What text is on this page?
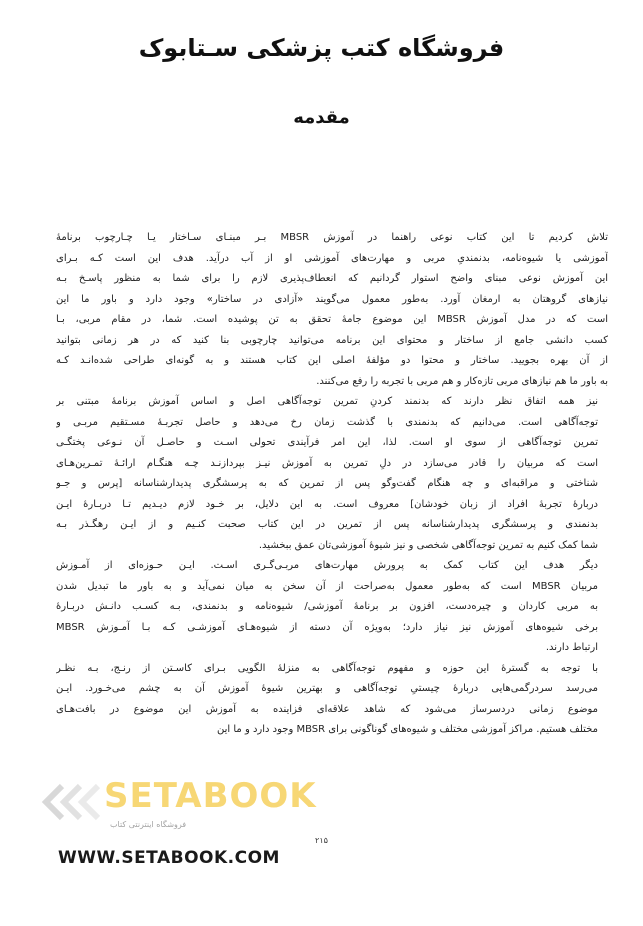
فروشگاه کتب پزشکی سـتابوک
مقدمه
تلاش کردیم تا این کتاب نوعی راهنما در آموزش MBSR بـر مبنـای سـاختار یـا چـارچوب برنامهٔ
آموزشی یا شیوه‌نامه، بدنمندیِ مربی و مهارت‌های آموزشی او از آب درآید. هدف این است کـه بـرای
این آموزش نوعی مبنای واضح استوار گردانیم که انعطاف‌پذیری لازم را برای شما به منظور پاسـخ بـه
نیازهای گروهتان به ارمغان آورد. به‌طور معمول می‌گویند «آزادی در ساختار» وجود دارد و باور ما این
است که در مدل آموزش MBSR این موضوع جامهٔ تحقق به تن پوشیده است. شما، در مقام مربی، بـا
کسب دانشی جامع از ساختار و محتوای این برنامه می‌توانید چارچوبی بنا کنید که در هر زمانی بتوانید
از آن بهره بجویید. ساختار و محتوا دو مؤلفهٔ اصلی این کتاب هستند و به گونه‌ای طراحی شده‌انـد کـه
به باور ما هم نیازهای مربی تازه‌کار و هم مربی با تجربه را رفع می‌کنند.
نیز همه اتفاق نظر دارند که بدنمند کردنِ تمرین توجه‌آگاهی اصل و اساس آموزش برنامهٔ مبتنی بر
توجه‌آگاهی است. می‌دانیم که بدنمندی با گذشت زمان رخ می‌دهد و حاصل تجربـهٔ مسـتقیم مربـی و
تمرین توجه‌آگاهی از سوی او است. لذا، این امر فرآیندی تحولی اسـت و حاصـل آن نـوعی پختگـی
است که مربیان را قادر می‌سازد در دلِ تمرین به آموزش نیـز بپردازنـد چـه هنگـام ارائـهٔ تمـرین‌هـای
شناختی و مراقبه‌ای و چه هنگام گفت‌وگو پس از تمرین که به پرسشگری پدیدارشناسانه [پرس و جـو
دربارهٔ تجربهٔ افراد از زبان خودشان] معروف است. به این دلایل، بر خـود لازم دیـدیم تـا دربـارهٔ ایـن
بدنمندی و پرسشگری پدیدارشناسانه پس از تمرین در این کتاب صحبت کنـیم و از ایـن رهگـذر بـه
شما کمک کنیم به تمرین توجه‌آگاهی شخصی و نیز شیوهٔ آموزشی‌تان عمق ببخشید.
دیگر هدف این کتاب کمک به پرورش مهارت‌های مربـی‌گـری اسـت. ایـن حـوزه‌ای از آمـوزش
مربیان MBSR است که به‌طور معمول به‌صراحت از آن سخن به میان نمی‌آید و به باور ما تبدیل شدن
به مربی کاردان و چیره‌دست، افزون بر برنامهٔ آموزشی/ شیوه‌نامه و بدنمندی، بـه کسـب دانـش دربـارهٔ
برخی شیوه‌های آموزش نیز نیاز دارد؛ به‌ویژه آن دسته از شیوه‌هـای آموزشـی کـه بـا آمـوزش MBSR
ارتباط دارند.
با توجه به گسترهٔ این حوزه و مفهوم توجه‌آگاهی به منزلهٔ الگویی بـرای کاسـتن از رنـج، بـه نظـر
می‌رسد سردرگمی‌هایی دربارهٔ چیستیِ توجه‌آگاهی و بهترین شیوهٔ آموزش آن به چشم می‌خـورد. ایـن
موضوع زمانی دردسرساز می‌شود که شاهد علاقه‌ای فزاینده به آموزش این موضوع در بافت‌هـای
مختلف هستیم. مراکز آموزشی مختلف و شیوه‌های گوناگونی برای MBSR وجود دارد و ما این
SETABOOK
فروشگاه اینترنتی کتاب
۲۱۵
WWW.SETABOOK.COM
